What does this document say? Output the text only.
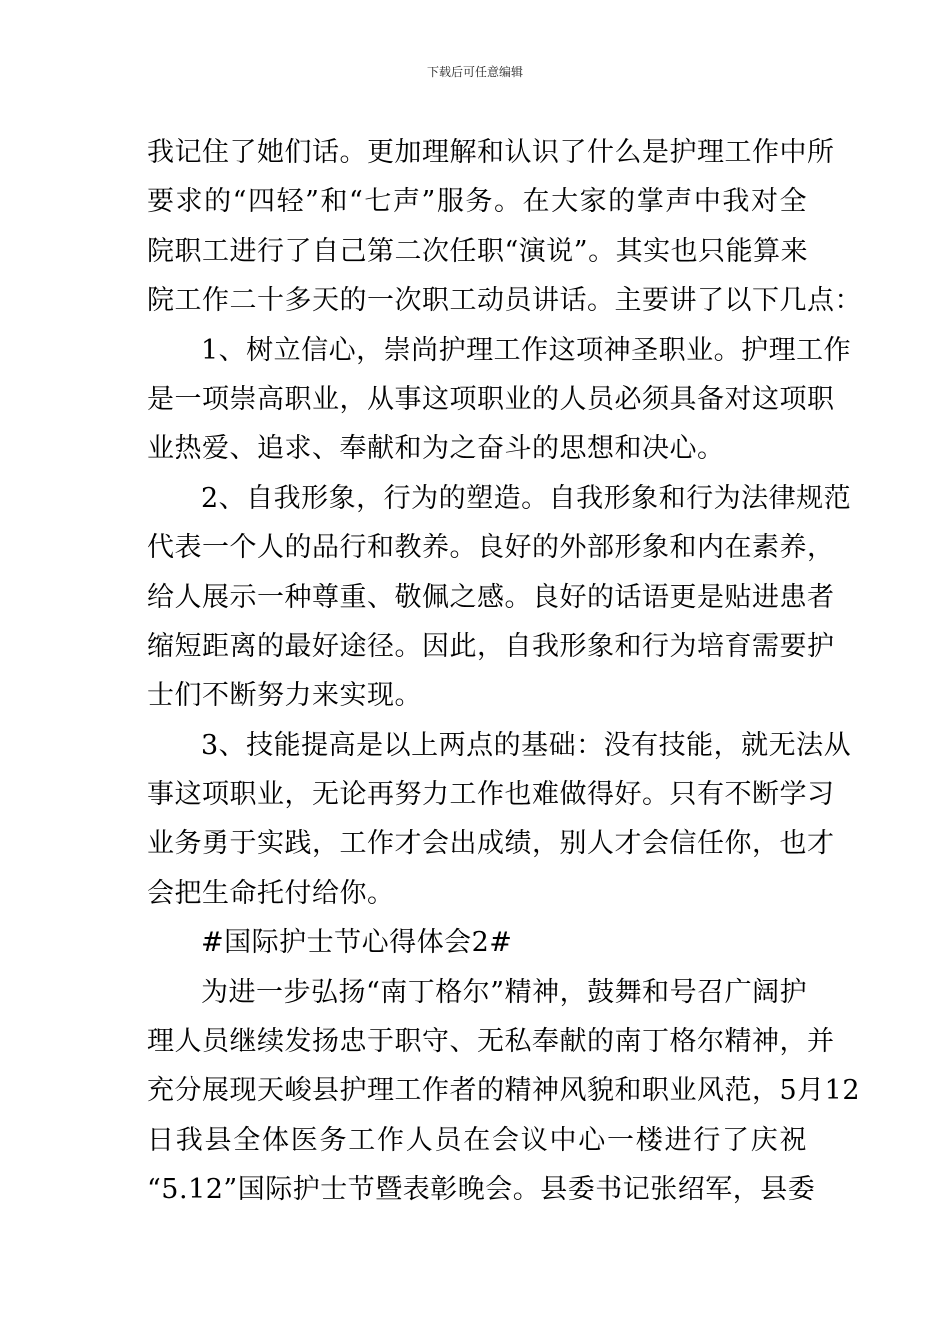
下载后可任意编辑
我记住了她们话。更加理解和认识了什么是护理工作中所
要求的“四轻”和“七声”服务。在大家的掌声中我对全
院职工进行了自己第二次任职“演说”。其实也只能算来
院工作二十多天的一次职工动员讲话。主要讲了以下几点：
1、树立信心，崇尚护理工作这项神圣职业。护理工作
是一项崇高职业，从事这项职业的人员必须具备对这项职
业热爱、追求、奉献和为之奋斗的思想和决心。
2、自我形象，行为的塑造。自我形象和行为法律规范
代表一个人的品行和教养。良好的外部形象和内在素养，
给人展示一种尊重、敬佩之感。良好的话语更是贴进患者
缩短距离的最好途径。因此，自我形象和行为培育需要护
士们不断努力来实现。
3、技能提高是以上两点的基础：没有技能，就无法从
事这项职业，无论再努力工作也难做得好。只有不断学习
业务勇于实践，工作才会出成绩，别人才会信任你，也才
会把生命托付给你。
#国际护士节心得体会2#
为进一步弘扬“南丁格尔”精神，鼓舞和号召广阔护
理人员继续发扬忠于职守、无私奉献的南丁格尔精神，并
充分展现天峻县护理工作者的精神风貌和职业风范，5月12
日我县全体医务工作人员在会议中心一楼进行了庆祝
“5.12”国际护士节暨表彰晚会。县委书记张绍军，县委
